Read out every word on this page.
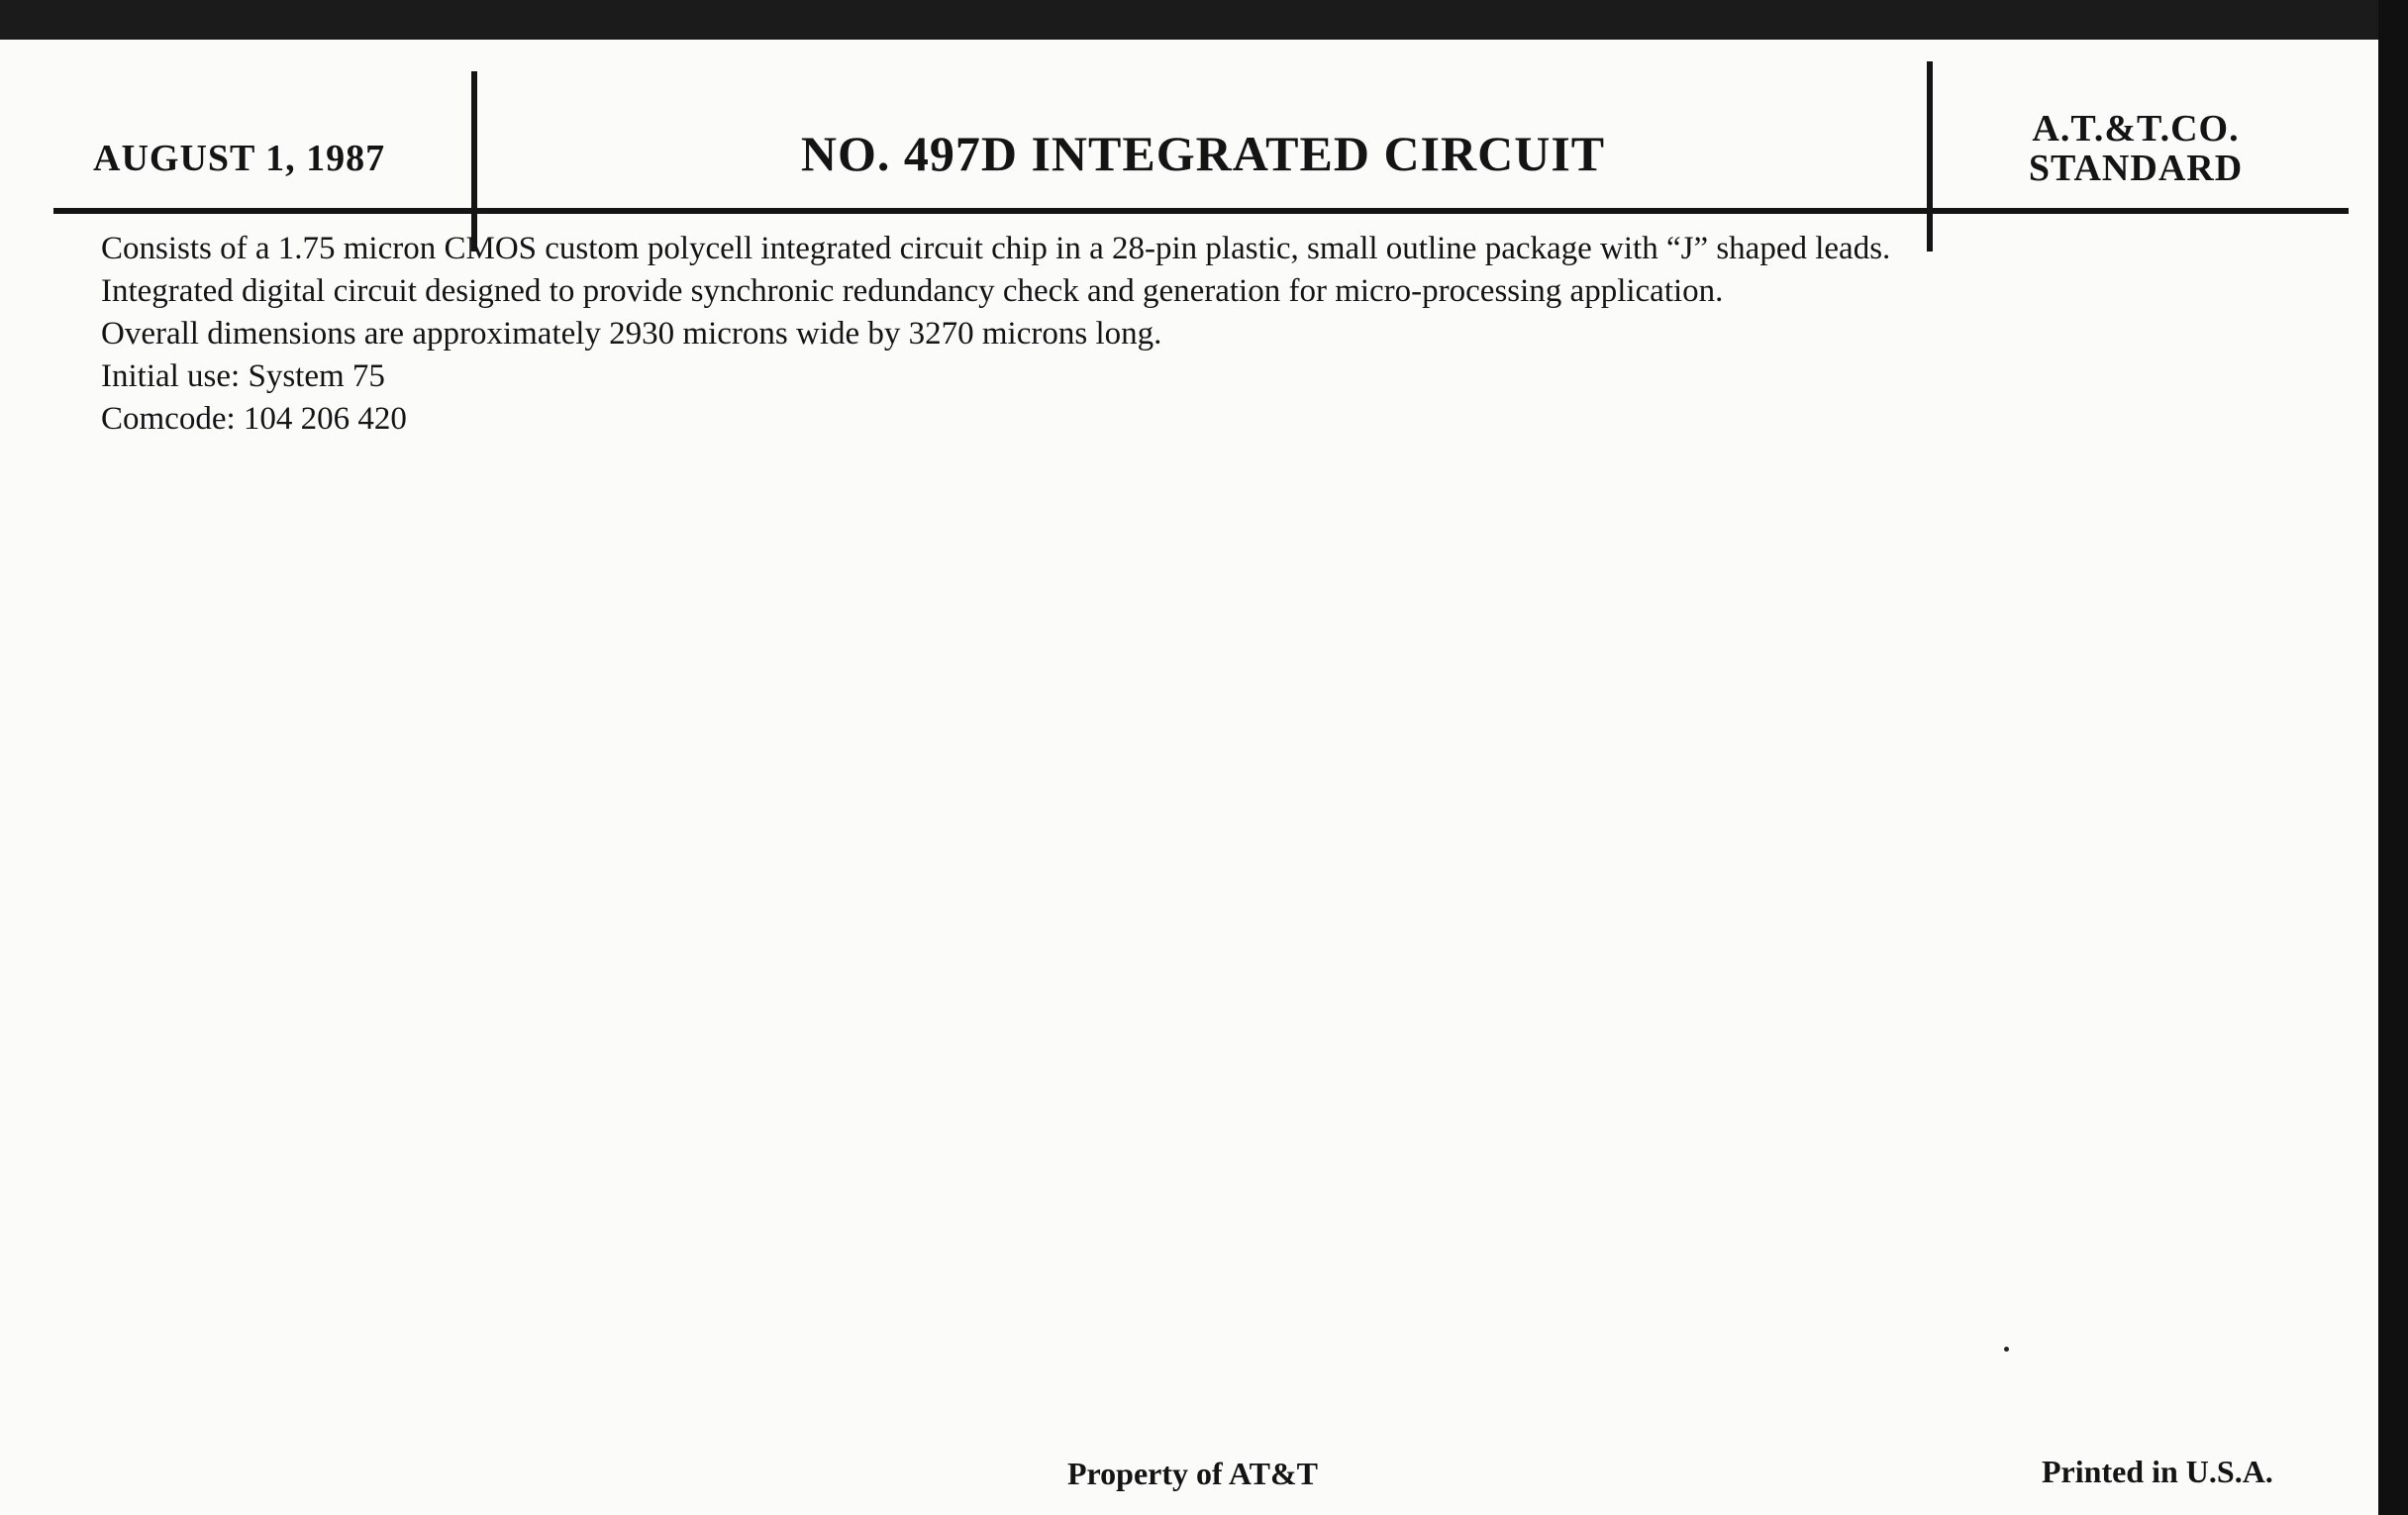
AUGUST 1, 1987	NO. 497D INTEGRATED CIRCUIT	A.T.&T.CO.
STANDARD

Consists of a 1.75 micron CMOS custom polycell integrated circuit chip in a 28-pin plastic, small outline package with “J” shaped leads.

Integrated digital circuit designed to provide synchronic redundancy check and generation for micro-processing application.

Overall dimensions are approximately 2930 microns wide by 3270 microns long.

Initial use: System 75

Comcode: 104 206 420

Property of AT&T	Printed in U.S.A.
